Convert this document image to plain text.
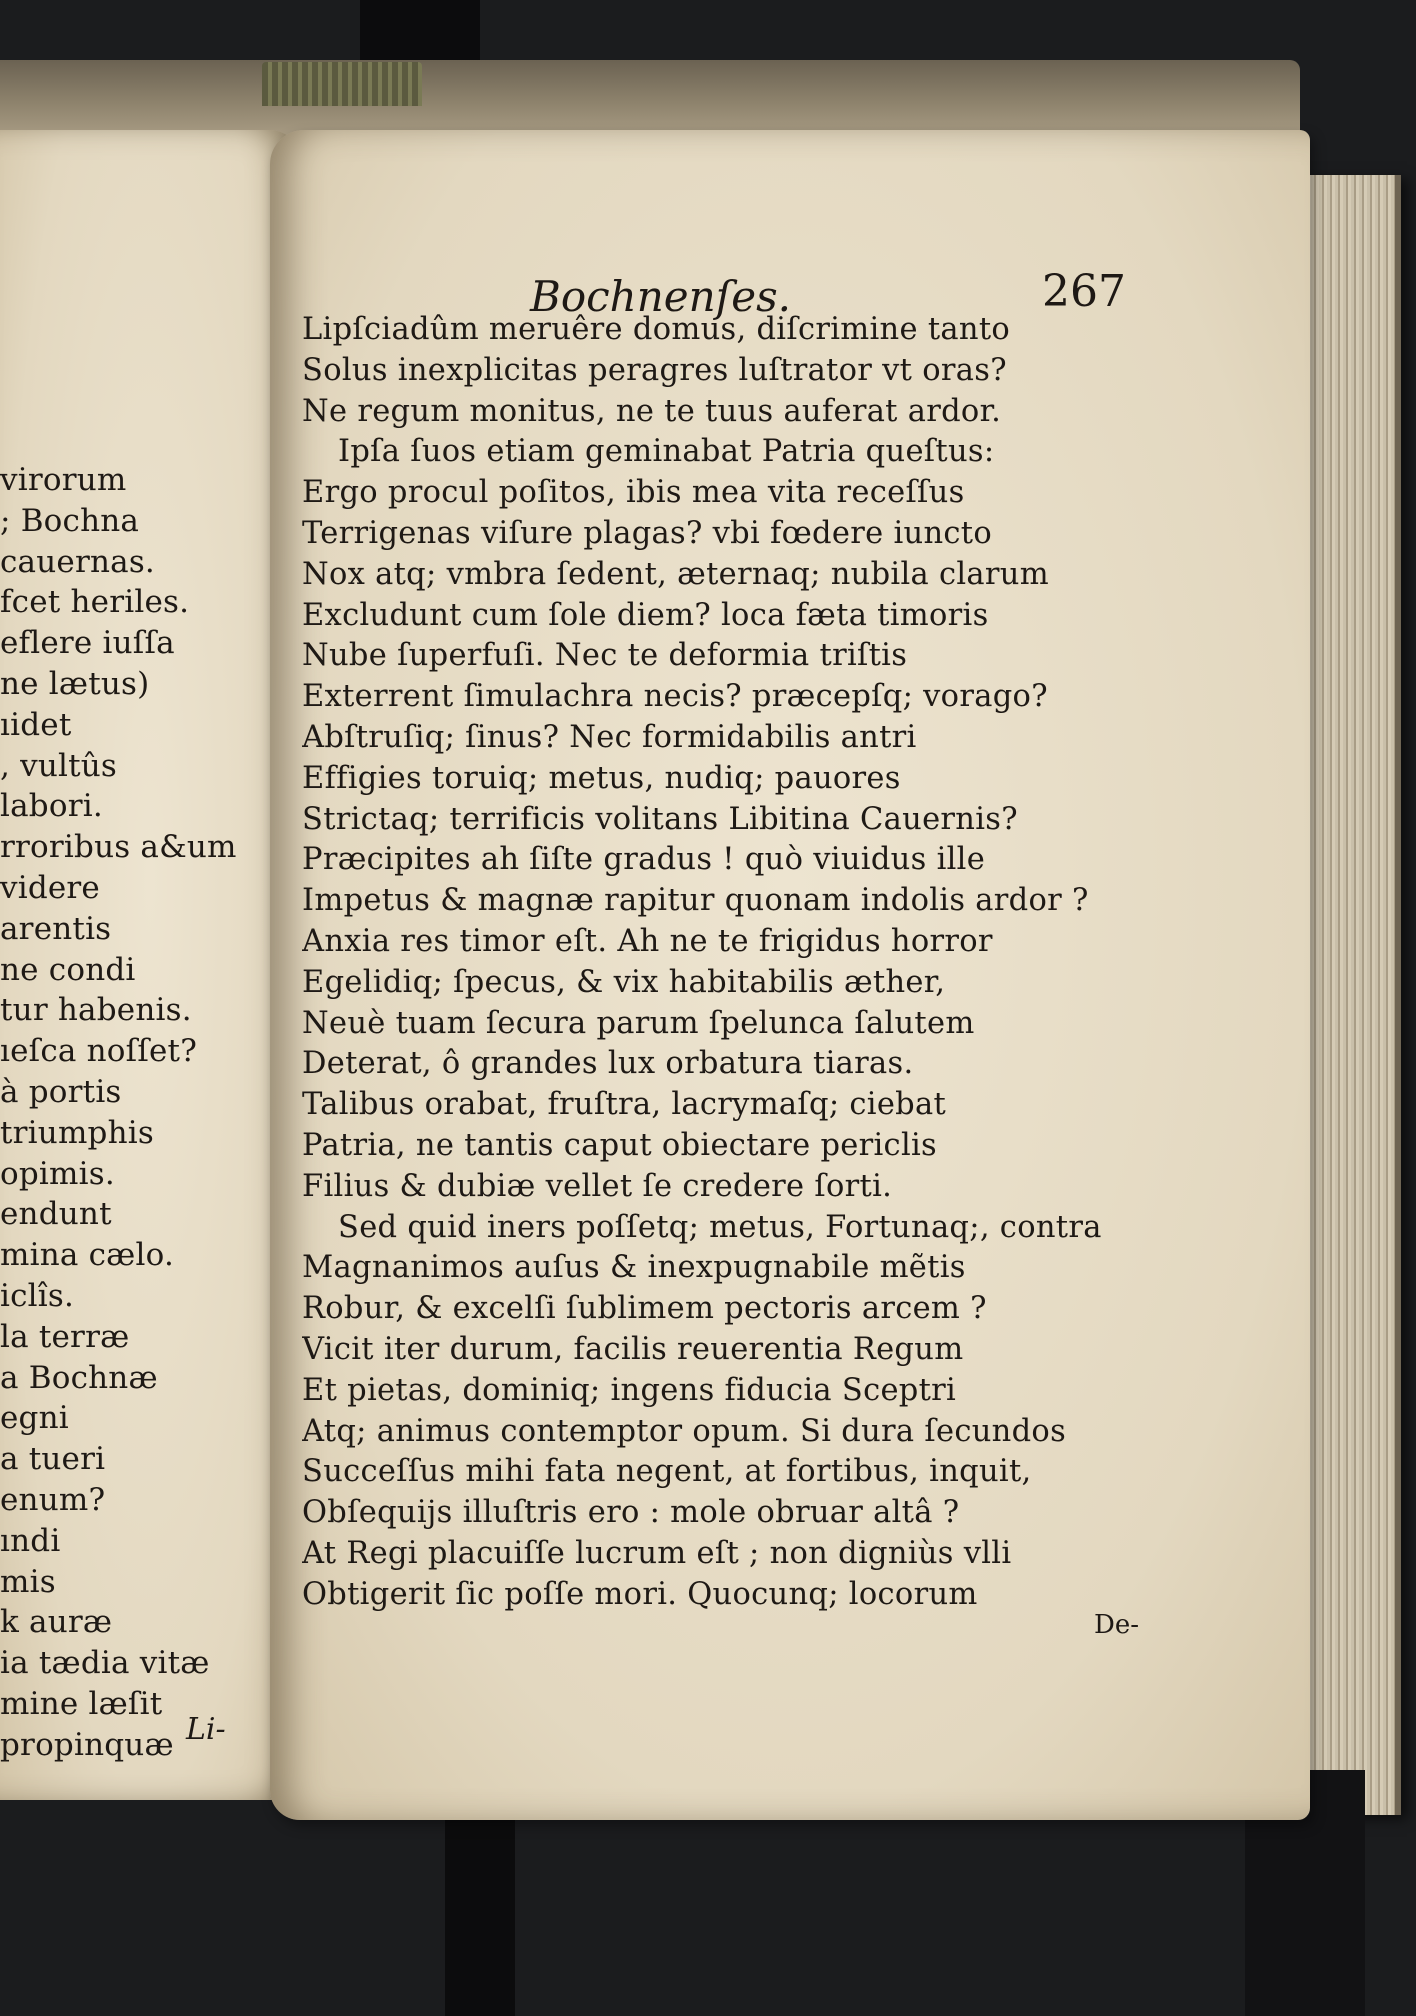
virorum
; Bochna
cauernas.
fcet heriles.
eflere iuſſa
ne lætus)
ıidet
, vultûs
labori.
rroribus a&um
videre
arentis
ne condi
tur habenis.
ıeſca noſſet?
à portis
triumphis
opimis.
endunt
mina cælo.
iclîs.
la terræ
a Bochnæ
egni
a tueri
enum?
ındi
mis
k auræ
ia tædia vitæ
mine læſit
propinquæ Li-
Bochnenſes.	267
Lipſciadûm meruêre domus, diſcrimine tanto
Solus inexplicitas peragres luſtrator vt oras?
Ne regum monitus, ne te tuus auferat ardor.
Ipſa ſuos etiam geminabat Patria queſtus:
Ergo procul poſitos, ibis mea vita receſſus
Terrigenas viſure plagas? vbi fœdere iuncto
Nox atq; vmbra ſedent, æternaq; nubila clarum
Excludunt cum ſole diem? loca fæta timoris
Nube ſuperfuſi. Nec te deformia triſtis
Exterrent ſimulachra necis? præcepſq; vorago?
Abſtruſiq; ſinus? Nec formidabilis antri
Effigies toruiq; metus, nudiq; pauores
Strictaq; terrificis volitans Libitina Cauernis?
Præcipites ah ſiſte gradus ! quò viuidus ille
Impetus & magnæ rapitur quonam indolis ardor ?
Anxia res timor eſt. Ah ne te frigidus horror
Egelidiq; ſpecus, & vix habitabilis æther,
Neuè tuam ſecura parum ſpelunca ſalutem
Deterat, ô grandes lux orbatura tiaras.
Talibus orabat, fruſtra, lacrymaſq; ciebat
Patria, ne tantis caput obiectare periclis
Filius & dubiæ vellet ſe credere ſorti.
Sed quid iners poſſetq; metus, Fortunaq;, contra
Magnanimos auſus & inexpugnabile mẽtis
Robur, & excelſi ſublimem pectoris arcem ?
Vicit iter durum, facilis reuerentia Regum
Et pietas, dominiq; ingens fiducia Sceptri
Atq; animus contemptor opum. Si dura ſecundos
Succeſſus mihi fata negent, at fortibus, inquit,
Obſequijs illuſtris ero : mole obruar altâ ?
At Regi placuiſſe lucrum eſt ; non digniùs vlli
Obtigerit ſic poſſe mori. Quocunq; locorum
De-
